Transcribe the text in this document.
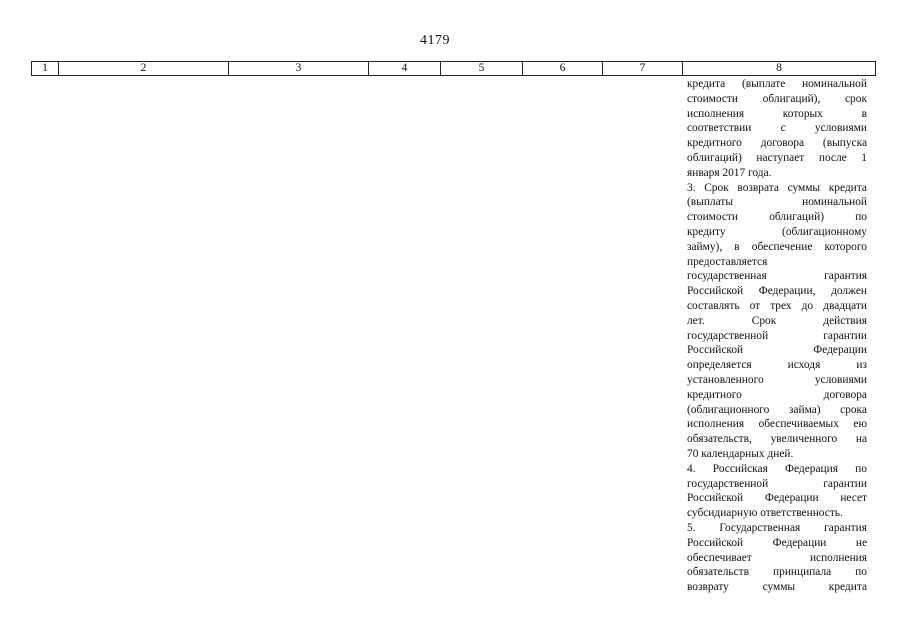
4179
1	2	3	4	5	6	7	8
кредита (выплате номинальной
стоимости облигаций), срок
исполнения	которых	в
соответствии	с	условиями
кредитного договора (выпуска
облигаций) наступает после 1
января 2017 года.
3. Срок возврата суммы кредита
(выплаты	номинальной
стоимости	облигаций)	по
кредиту	(облигационному
займу), в обеспечение которого
предоставляется
государственная	гарантия
Российской Федерации, должен
составлять от трех до двадцати
лет.	Срок	действия
государственной	гарантии
Российской	Федерации
определяется	исходя	из
установленного	условиями
кредитного	договора
(облигационного займа) срока
исполнения обеспечиваемых ею
обязательств, увеличенного на
70 календарных дней.
4. Российская Федерация по
государственной	гарантии
Российской Федерации несет
субсидиарную ответственность.
5. Государственная гарантия
Российской	Федерации	не
обеспечивает	исполнения
обязательств принципала по
возврату	суммы	кредита
